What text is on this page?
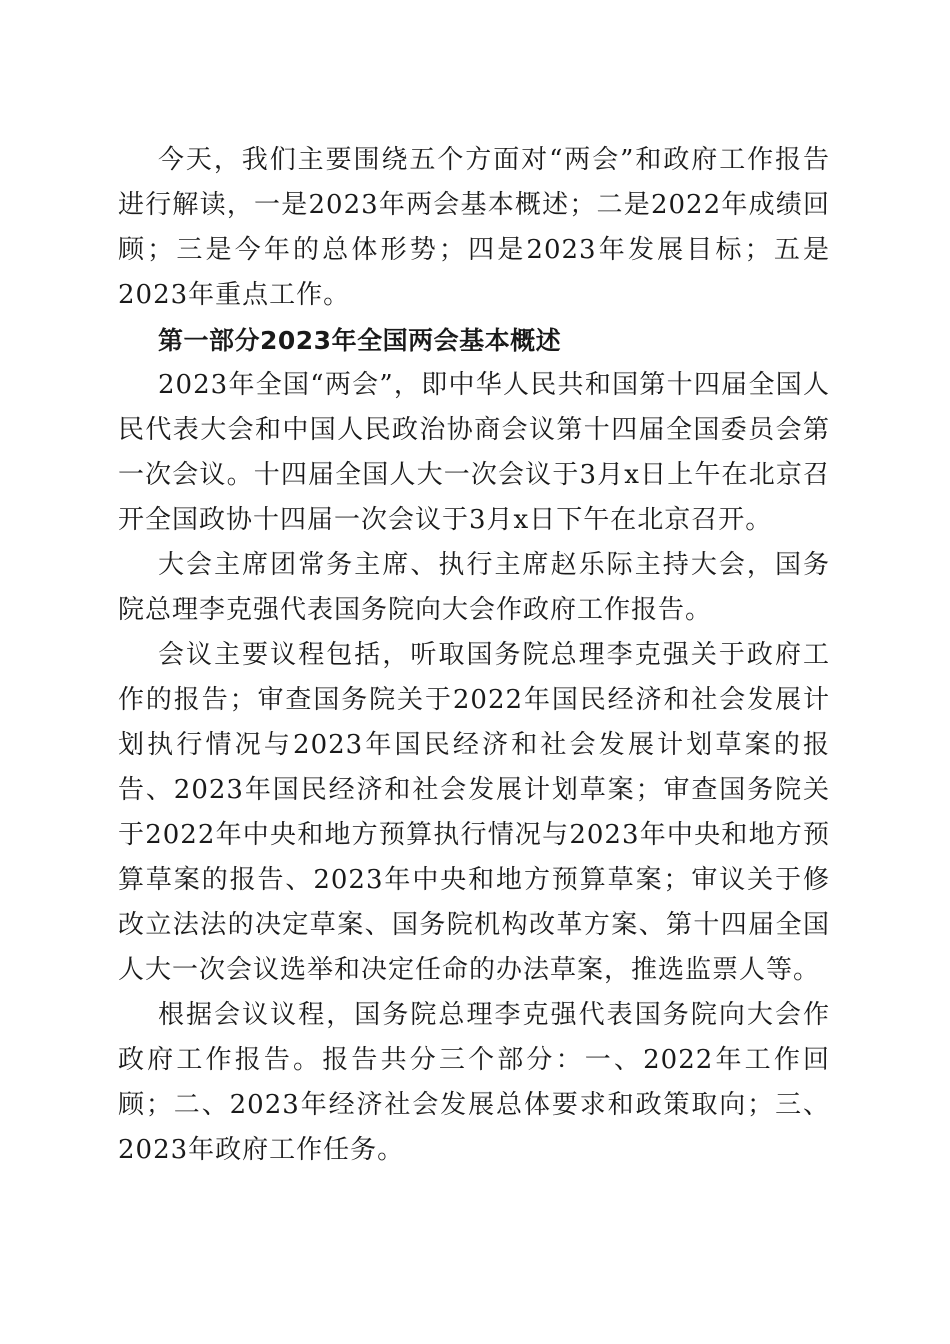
今天，我们主要围绕五个方面对“两会”和政府工作报告进行解读，一是2023年两会基本概述；二是2022年成绩回顾；三是今年的总体形势；四是2023年发展目标；五是2023年重点工作。

第一部分2023年全国两会基本概述

2023年全国“两会”，即中华人民共和国第十四届全国人民代表大会和中国人民政治协商会议第十四届全国委员会第一次会议。十四届全国人大一次会议于3月x日上午在北京召开全国政协十四届一次会议于3月x日下午在北京召开。

大会主席团常务主席、执行主席赵乐际主持大会，国务院总理李克强代表国务院向大会作政府工作报告。

会议主要议程包括，听取国务院总理李克强关于政府工作的报告；审查国务院关于2022年国民经济和社会发展计划执行情况与2023年国民经济和社会发展计划草案的报告、2023年国民经济和社会发展计划草案；审查国务院关于2022年中央和地方预算执行情况与2023年中央和地方预算草案的报告、2023年中央和地方预算草案；审议关于修改立法法的决定草案、国务院机构改革方案、第十四届全国人大一次会议选举和决定任命的办法草案，推选监票人等。

根据会议议程，国务院总理李克强代表国务院向大会作政府工作报告。报告共分三个部分：一、2022年工作回顾；二、2023年经济社会发展总体要求和政策取向；三、2023年政府工作任务。
